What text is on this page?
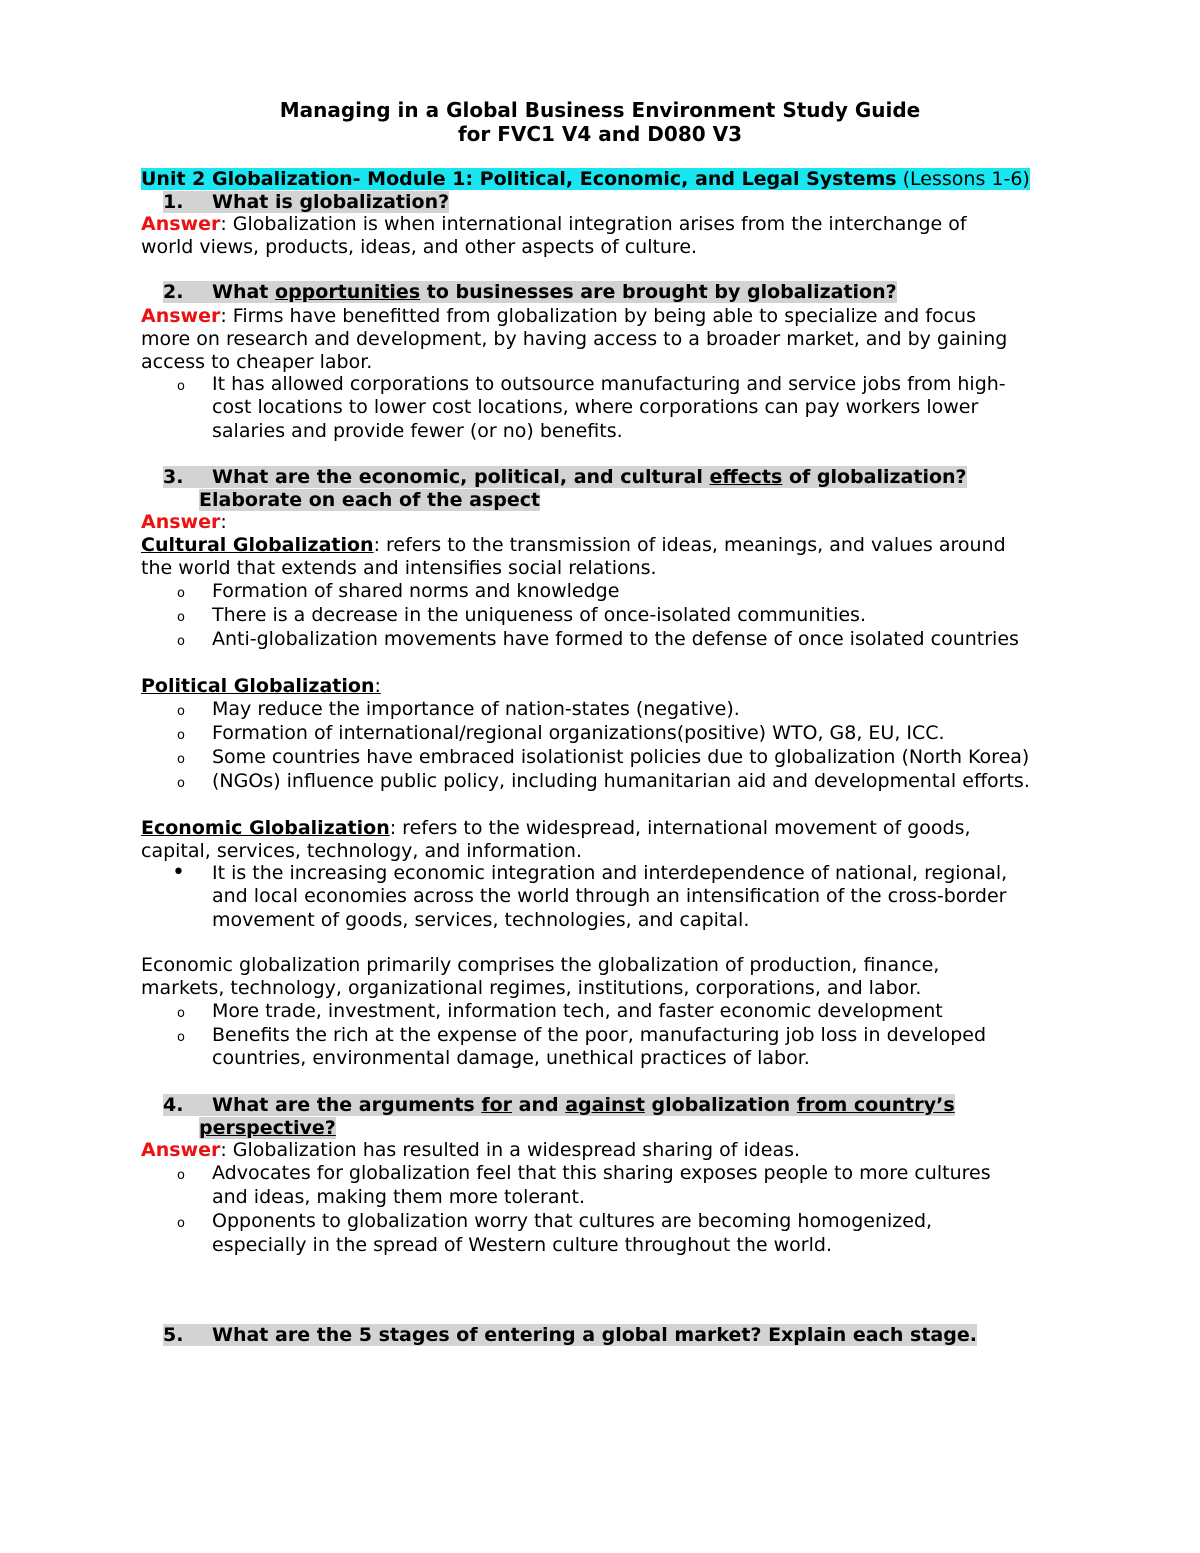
Managing in a Global Business Environment Study Guide
for FVC1 V4 and D080 V3
Unit 2 Globalization- Module 1: Political, Economic, and Legal Systems (Lessons 1-6)
1. What is globalization?
Answer: Globalization is when international integration arises from the interchange of
world views, products, ideas, and other aspects of culture.
2. What opportunities to businesses are brought by globalization?
Answer: Firms have benefitted from globalization by being able to specialize and focus
more on research and development, by having access to a broader market, and by gaining
access to cheaper labor.
o	It has allowed corporations to outsource manufacturing and service jobs from high-
cost locations to lower cost locations, where corporations can pay workers lower
salaries and provide fewer (or no) benefits.
3. What are the economic, political, and cultural effects of globalization?
Elaborate on each of the aspect
Answer:
Cultural Globalization: refers to the transmission of ideas, meanings, and values around
the world that extends and intensifies social relations.
o	Formation of shared norms and knowledge
o	There is a decrease in the uniqueness of once-isolated communities.
o	Anti-globalization movements have formed to the defense of once isolated countries
Political Globalization:
o	May reduce the importance of nation-states (negative).
o	Formation of international/regional organizations(positive) WTO, G8, EU, ICC.
o	Some countries have embraced isolationist policies due to globalization (North Korea)
o	(NGOs) influence public policy, including humanitarian aid and developmental efforts.
Economic Globalization: refers to the widespread, international movement of goods,
capital, services, technology, and information.
•	It is the increasing economic integration and interdependence of national, regional,
and local economies across the world through an intensification of the cross-border
movement of goods, services, technologies, and capital.
Economic globalization primarily comprises the globalization of production, finance,
markets, technology, organizational regimes, institutions, corporations, and labor.
o	More trade, investment, information tech, and faster economic development
o	Benefits the rich at the expense of the poor, manufacturing job loss in developed
countries, environmental damage, unethical practices of labor.
4. What are the arguments for and against globalization from country’s
perspective?
Answer: Globalization has resulted in a widespread sharing of ideas.
o	Advocates for globalization feel that this sharing exposes people to more cultures
and ideas, making them more tolerant.
o	Opponents to globalization worry that cultures are becoming homogenized,
especially in the spread of Western culture throughout the world.
5. What are the 5 stages of entering a global market? Explain each stage.
